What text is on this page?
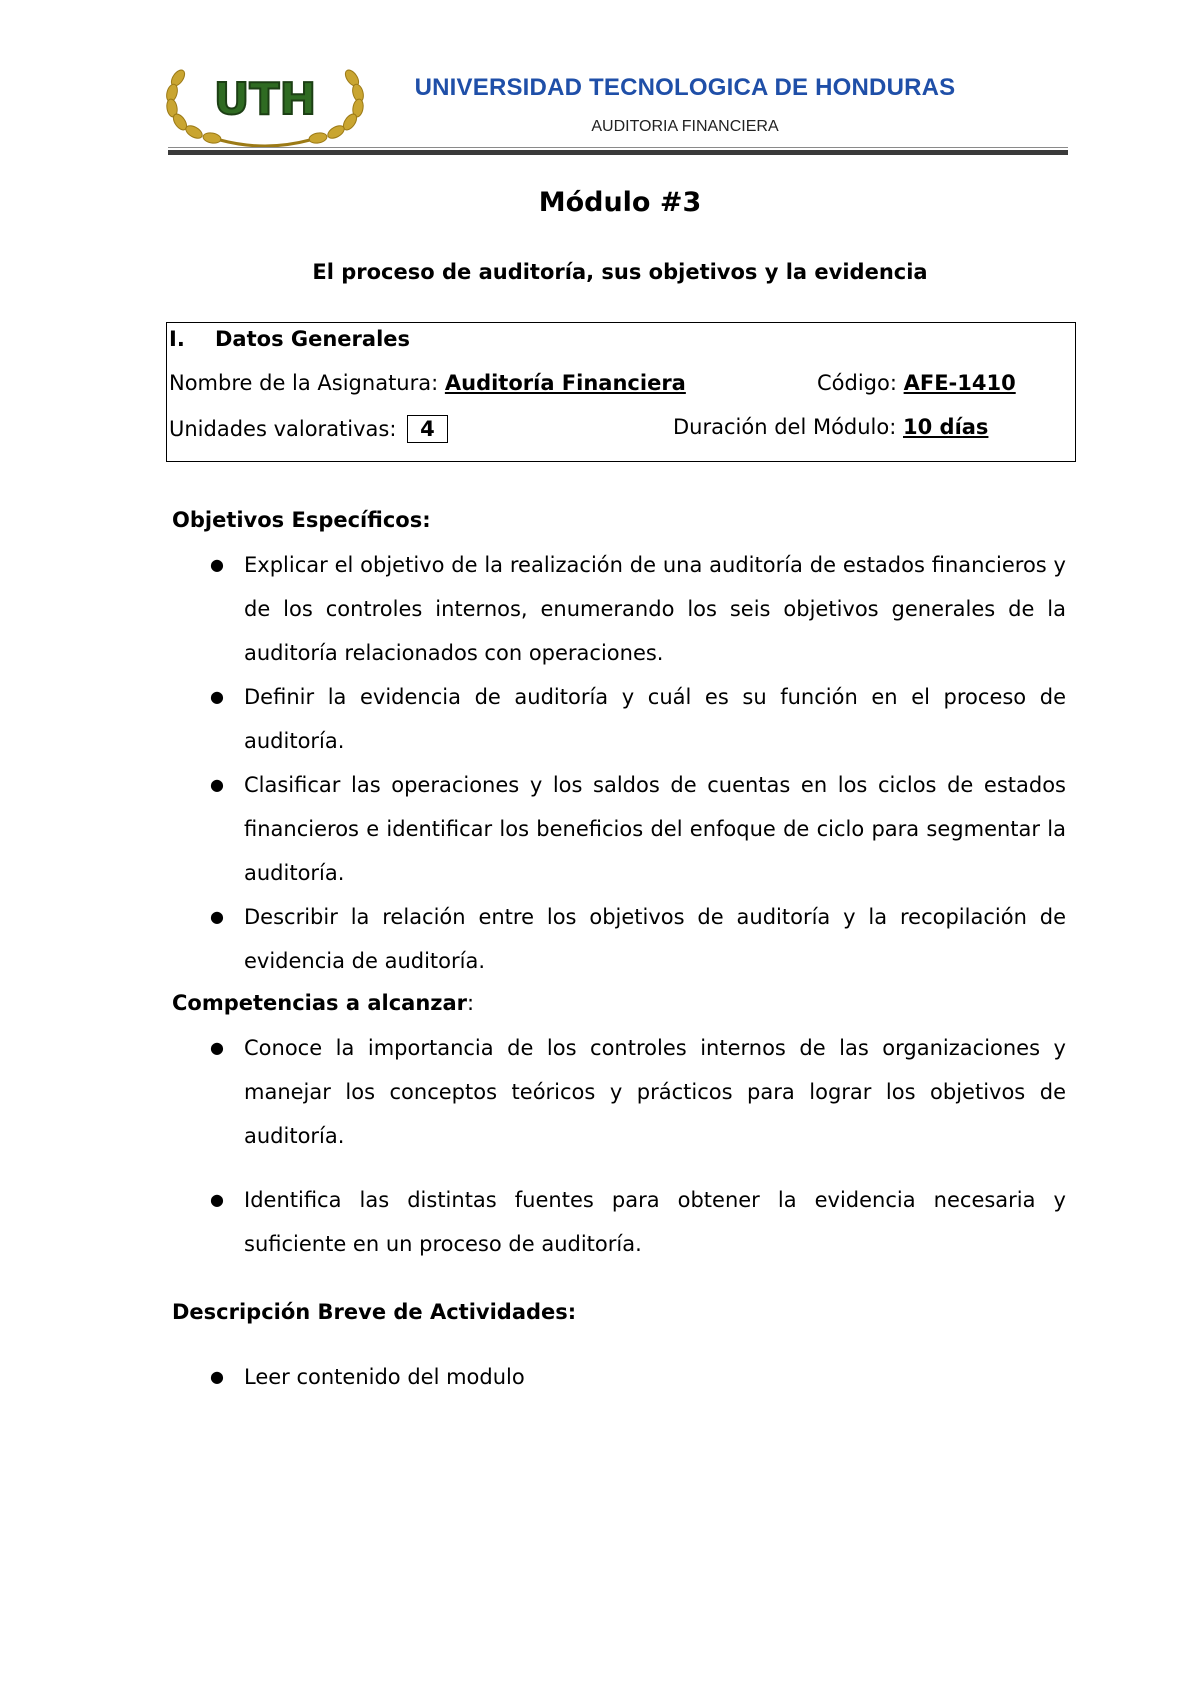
UTH	UNIVERSIDAD TECNOLOGICA DE HONDURAS
AUDITORIA FINANCIERA
Módulo #3
El proceso de auditoría, sus objetivos y la evidencia
I. Datos Generales
Nombre de la Asignatura: Auditoría Financiera	Código: AFE-1410
Unidades valorativas: 4	Duración del Módulo: 10 días
Objetivos Específicos:
● Explicar el objetivo de la realización de una auditoría de estados financieros y de los controles internos, enumerando los seis objetivos generales de la auditoría relacionados con operaciones.
● Definir la evidencia de auditoría y cuál es su función en el proceso de auditoría.
● Clasificar las operaciones y los saldos de cuentas en los ciclos de estados financieros e identificar los beneficios del enfoque de ciclo para segmentar la auditoría.
● Describir la relación entre los objetivos de auditoría y la recopilación de evidencia de auditoría.
Competencias a alcanzar:
● Conoce la importancia de los controles internos de las organizaciones y manejar los conceptos teóricos y prácticos para lograr los objetivos de auditoría.
● Identifica las distintas fuentes para obtener la evidencia necesaria y suficiente en un proceso de auditoría.
Descripción Breve de Actividades:
● Leer contenido del modulo
